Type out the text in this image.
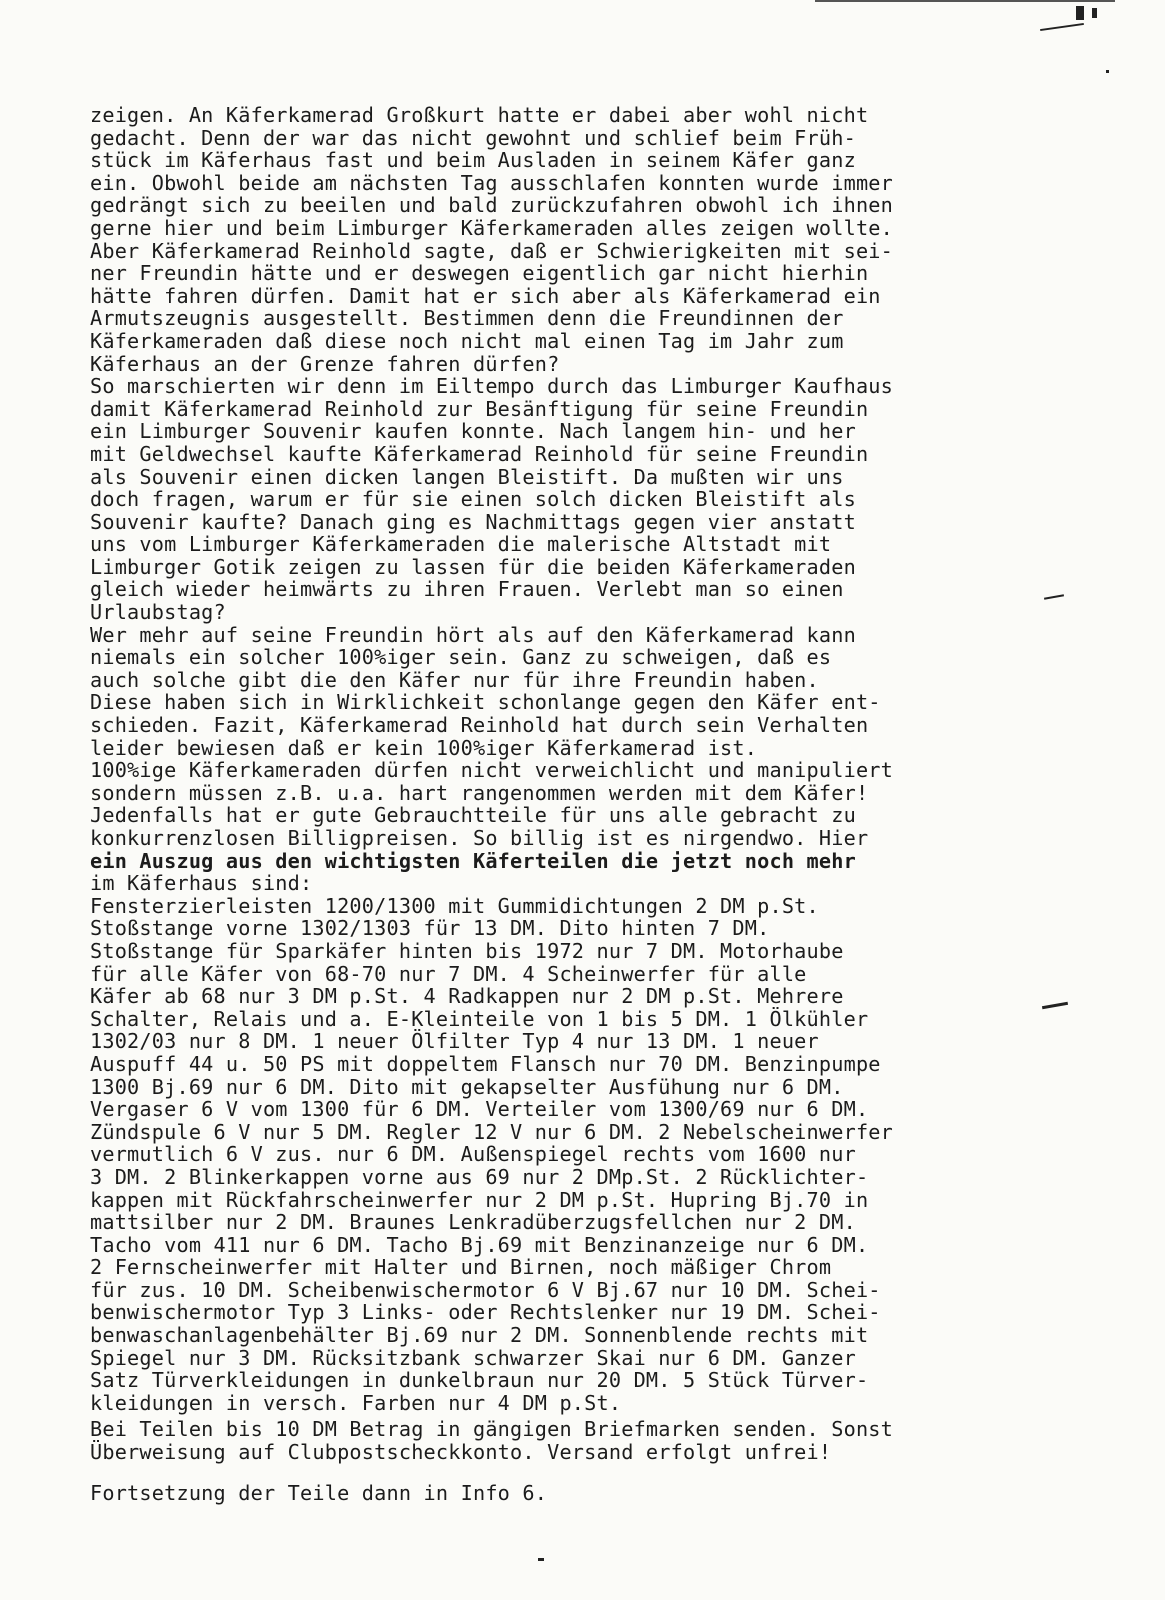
zeigen. An Käferkamerad Großkurt hatte er dabei aber wohl nicht
gedacht. Denn der war das nicht gewohnt und schlief beim Früh-
stück im Käferhaus fast und beim Ausladen in seinem Käfer ganz
ein. Obwohl beide am nächsten Tag ausschlafen konnten wurde immer
gedrängt sich zu beeilen und bald zurückzufahren obwohl ich ihnen
gerne hier und beim Limburger Käferkameraden alles zeigen wollte.
Aber Käferkamerad Reinhold sagte, daß er Schwierigkeiten mit sei-
ner Freundin hätte und er deswegen eigentlich gar nicht hierhin
hätte fahren dürfen. Damit hat er sich aber als Käferkamerad ein
Armutszeugnis ausgestellt. Bestimmen denn die Freundinnen der
Käferkameraden daß diese noch nicht mal einen Tag im Jahr zum
Käferhaus an der Grenze fahren dürfen?
So marschierten wir denn im Eiltempo durch das Limburger Kaufhaus
damit Käferkamerad Reinhold zur Besänftigung für seine Freundin
ein Limburger Souvenir kaufen konnte. Nach langem hin- und her
mit Geldwechsel kaufte Käferkamerad Reinhold für seine Freundin
als Souvenir einen dicken langen Bleistift. Da mußten wir uns
doch fragen, warum er für sie einen solch dicken Bleistift als
Souvenir kaufte? Danach ging es Nachmittags gegen vier anstatt
uns vom Limburger Käferkameraden die malerische Altstadt mit
Limburger Gotik zeigen zu lassen für die beiden Käferkameraden
gleich wieder heimwärts zu ihren Frauen. Verlebt man so einen
Urlaubstag?
Wer mehr auf seine Freundin hört als auf den Käferkamerad kann
niemals ein solcher 100%iger sein. Ganz zu schweigen, daß es
auch solche gibt die den Käfer nur für ihre Freundin haben.
Diese haben sich in Wirklichkeit schonlange gegen den Käfer ent-
schieden. Fazit, Käferkamerad Reinhold hat durch sein Verhalten
leider bewiesen daß er kein 100%iger Käferkamerad ist.
100%ige Käferkameraden dürfen nicht verweichlicht und manipuliert
sondern müssen z.B. u.a. hart rangenommen werden mit dem Käfer!
Jedenfalls hat er gute Gebrauchtteile für uns alle gebracht zu
konkurrenzlosen Billigpreisen. So billig ist es nirgendwo. Hier
ein Auszug aus den wichtigsten Käferteilen die jetzt noch mehr
im Käferhaus sind:
Fensterzierleisten 1200/1300 mit Gummidichtungen 2 DM p.St.
Stoßstange vorne 1302/1303 für 13 DM. Dito hinten 7 DM.
Stoßstange für Sparkäfer hinten bis 1972 nur 7 DM. Motorhaube
für alle Käfer von 68-70 nur 7 DM. 4 Scheinwerfer für alle
Käfer ab 68 nur 3 DM p.St. 4 Radkappen nur 2 DM p.St. Mehrere
Schalter, Relais und a. E-Kleinteile von 1 bis 5 DM. 1 Ölkühler
1302/03 nur 8 DM. 1 neuer Ölfilter Typ 4 nur 13 DM. 1 neuer
Auspuff 44 u. 50 PS mit doppeltem Flansch nur 70 DM. Benzinpumpe
1300 Bj.69 nur 6 DM. Dito mit gekapselter Ausfühung nur 6 DM.
Vergaser 6 V vom 1300 für 6 DM. Verteiler vom 1300/69 nur 6 DM.
Zündspule 6 V nur 5 DM. Regler 12 V nur 6 DM. 2 Nebelscheinwerfer
vermutlich 6 V zus. nur 6 DM. Außenspiegel rechts vom 1600 nur
3 DM. 2 Blinkerkappen vorne aus 69 nur 2 DMp.St. 2 Rücklichter-
kappen mit Rückfahrscheinwerfer nur 2 DM p.St. Hupring Bj.70 in
mattsilber nur 2 DM. Braunes Lenkradüberzugsfellchen nur 2 DM.
Tacho vom 411 nur 6 DM. Tacho Bj.69 mit Benzinanzeige nur 6 DM.
2 Fernscheinwerfer mit Halter und Birnen, noch mäßiger Chrom
für zus. 10 DM. Scheibenwischermotor 6 V Bj.67 nur 10 DM. Schei-
benwischermotor Typ 3 Links- oder Rechtslenker nur 19 DM. Schei-
benwaschanlagenbehälter Bj.69 nur 2 DM. Sonnenblende rechts mit
Spiegel nur 3 DM. Rücksitzbank schwarzer Skai nur 6 DM. Ganzer
Satz Türverkleidungen in dunkelbraun nur 20 DM. 5 Stück Türver-
kleidungen in versch. Farben nur 4 DM p.St.
Bei Teilen bis 10 DM Betrag in gängigen Briefmarken senden. Sonst
Überweisung auf Clubpostscheckkonto. Versand erfolgt unfrei!
Fortsetzung der Teile dann in Info 6.
